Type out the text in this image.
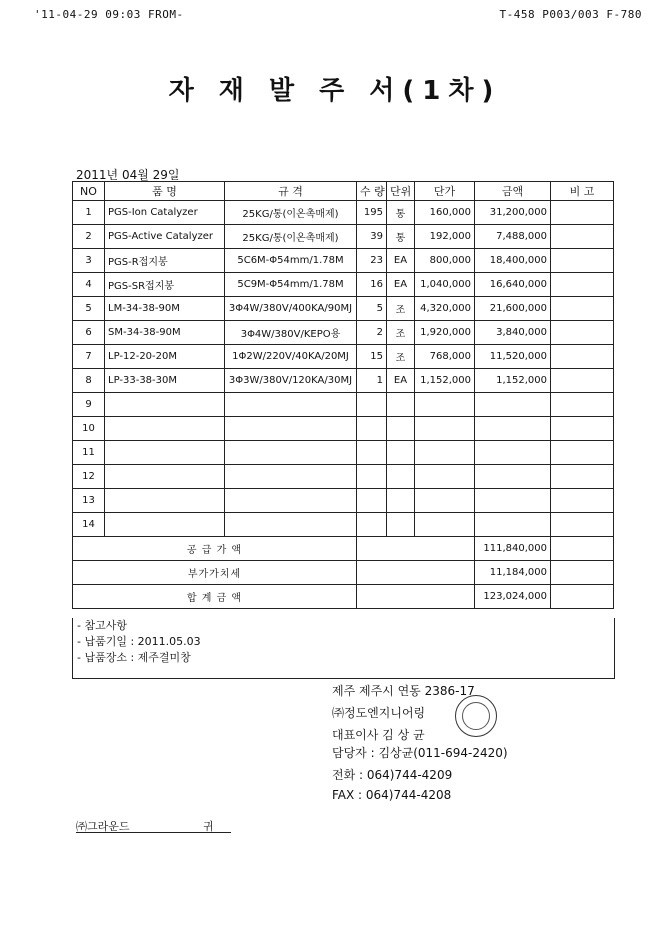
'11-04-29 09:03 FROM-	T-458 P003/003 F-780
자 재 발 주 서(1차)
2011년 04월 29일
NO	품 명	규 격	수 량	단위	단가	금액	비 고
1	PGS-Ion Catalyzer	25KG/통(이온촉매제)	195	통	160,000	31,200,000	
2	PGS-Active Catalyzer	25KG/통(이온촉매제)	39	통	192,000	7,488,000	
3	PGS-R접지봉	5C6M-Φ54mm/1.78M	23	EA	800,000	18,400,000	
4	PGS-SR접지봉	5C9M-Φ54mm/1.78M	16	EA	1,040,000	16,640,000	
5	LM-34-38-90M	3Φ4W/380V/400KA/90MJ	5	조	4,320,000	21,600,000	
6	SM-34-38-90M	3Φ4W/380V/KEPO용	2	조	1,920,000	3,840,000	
7	LP-12-20-20M	1Φ2W/220V/40KA/20MJ	15	조	768,000	11,520,000	
8	LP-33-38-30M	3Φ3W/380V/120KA/30MJ	1	EA	1,152,000	1,152,000	
9							
10							
11							
12							
13							
14							
공 급 가 액						111,840,000	
부가가치세						11,184,000	
합 계 금 액						123,024,000	
- 참고사항
- 납품기일 : 2011.05.03
- 납품장소 : 제주결미창
제주 제주시 연동 2386-17
㈜정도엔지니어링
대표이사 김 상 균
담당자 : 김상균(011-694-2420)
전화 : 064)744-4209
FAX : 064)744-4208
㈜그라운드	귀
